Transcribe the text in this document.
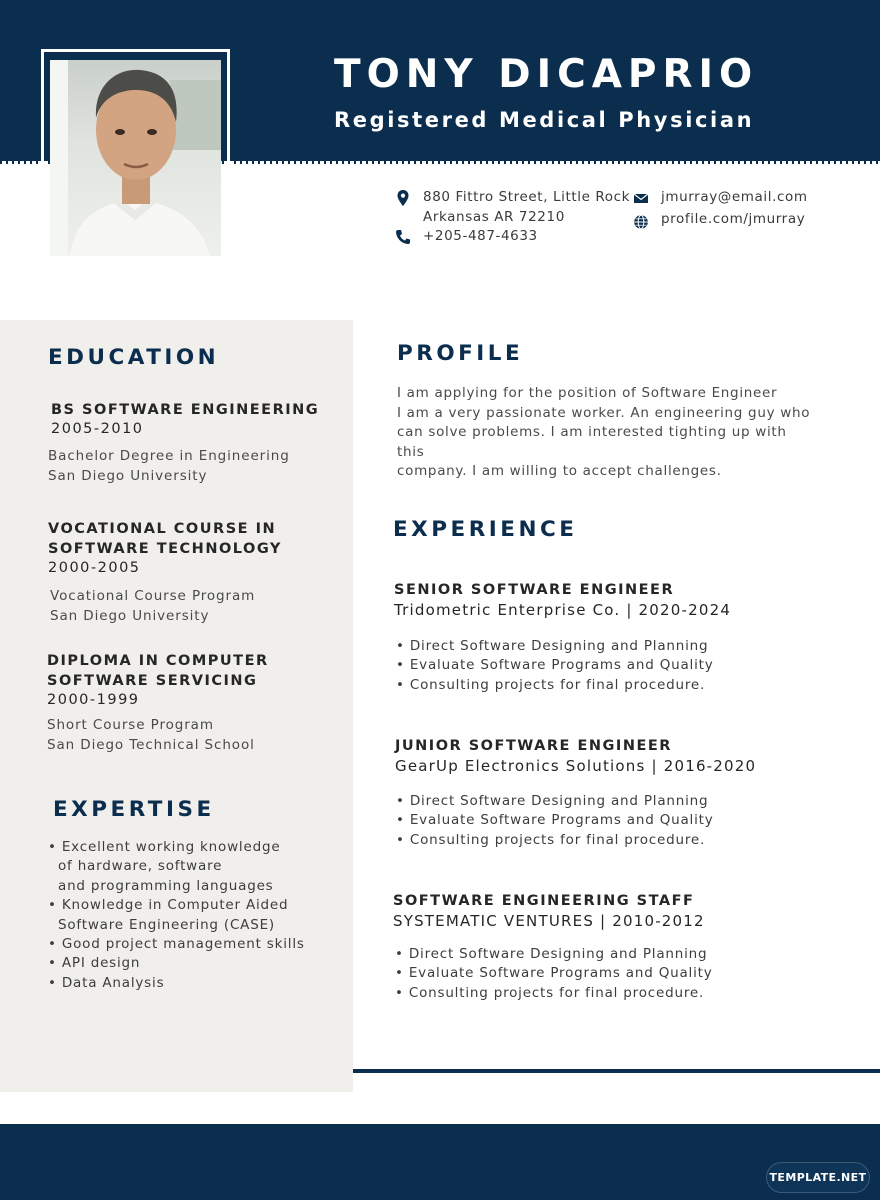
TONY DICAPRIO
Registered Medical Physician
880 Fittro Street, Little Rock
Arkansas AR 72210
+205-487-4633
jmurray@email.com
profile.com/jmurray
EDUCATION
BS SOFTWARE ENGINEERING
2005-2010
Bachelor Degree in Engineering
San Diego University
VOCATIONAL COURSE IN
SOFTWARE TECHNOLOGY
2000-2005
Vocational Course Program
San Diego University
DIPLOMA IN COMPUTER
SOFTWARE SERVICING
2000-1999
Short Course Program
San Diego Technical School
EXPERTISE
• Excellent working knowledge
of hardware, software
and programming languages
• Knowledge in Computer Aided
Software Engineering (CASE)
• Good project management skills
• API design
• Data Analysis
PROFILE
I am applying for the position of Software Engineer
I am a very passionate worker. An engineering guy who
can solve problems. I am interested tighting up with this
company. I am willing to accept challenges.
EXPERIENCE
SENIOR SOFTWARE ENGINEER
Tridometric Enterprise Co. | 2020-2024
• Direct Software Designing and Planning
• Evaluate Software Programs and Quality
• Consulting projects for final procedure.
JUNIOR SOFTWARE ENGINEER
GearUp Electronics Solutions | 2016-2020
• Direct Software Designing and Planning
• Evaluate Software Programs and Quality
• Consulting projects for final procedure.
SOFTWARE ENGINEERING STAFF
SYSTEMATIC VENTURES | 2010-2012
• Direct Software Designing and Planning
• Evaluate Software Programs and Quality
• Consulting projects for final procedure.
TEMPLATE.NET
